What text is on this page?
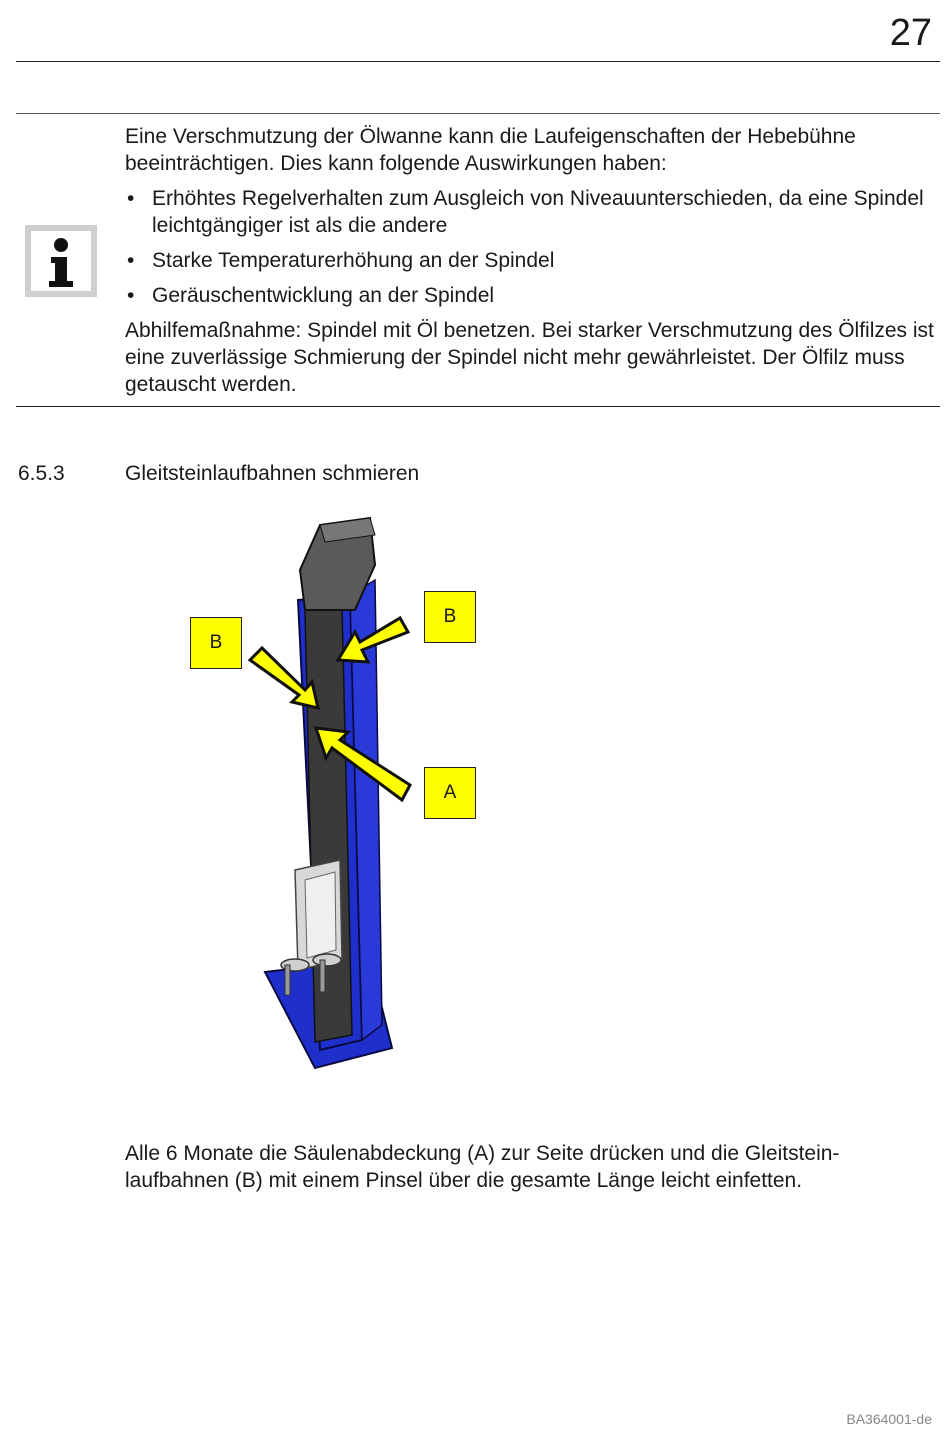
27

Eine Verschmutzung der Ölwanne kann die Laufeigenschaften der Hebebühne beeinträchtigen. Dies kann folgende Auswirkungen haben:

• Erhöhtes Regelverhalten zum Ausgleich von Niveauunterschieden, da eine Spindel leichtgängiger ist als die andere
• Starke Temperaturerhöhung an der Spindel
• Geräuschentwicklung an der Spindel

Abhilfemaßnahme: Spindel mit Öl benetzen. Bei starker Verschmutzung des Ölfilzes ist eine zuverlässige Schmierung der Spindel nicht mehr gewährleistet. Der Ölfilz muss getauscht werden.

6.5.3	Gleitsteinlaufbahnen schmieren
B
B
A

Alle 6 Monate die Säulenabdeckung (A) zur Seite drücken und die Gleitstein-laufbahnen (B) mit einem Pinsel über die gesamte Länge leicht einfetten.

BA364001-de
